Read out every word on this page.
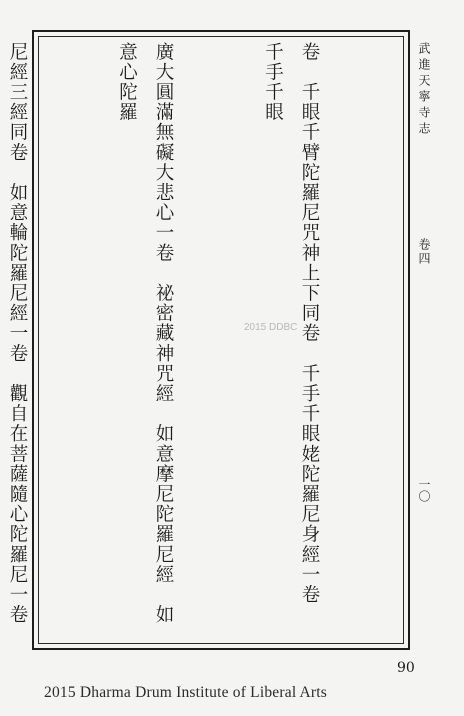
武進天寧寺志
卷四
一〇

卷　千眼千臂陀羅尼咒神上下同卷　千手千眼姥陀羅尼身經一卷　千手千眼

廣大圓滿無礙大悲心一卷　祕密藏神咒經　如意摩尼陀羅尼經　如意心陀羅

尼經三經同卷　如意輪陀羅尼經一卷　觀自在菩薩隨心陀羅尼一卷　

2015 DDBC
90
2015 Dharma Drum Institute of Liberal Arts
